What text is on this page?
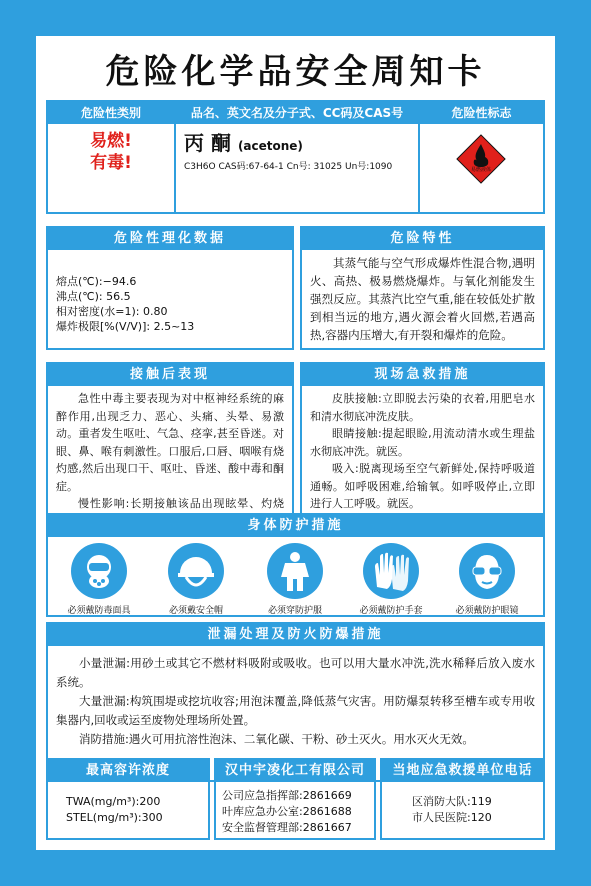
危险化学品安全周知卡
危险性类别	品名、英文名及分子式、CC码及CAS号	危险性标志
易燃!
有毒!
丙 酮 (acetone)
C3H6O CAS码:67-64-1 Cn号: 31025 Un号:1090	易燃液体
危险性理化数据
熔点(℃):−94.6
沸点(℃): 56.5
相对密度(水=1): 0.80
爆炸极限[%(V/V)]: 2.5~13
危险特性

其蒸气能与空气形成爆炸性混合物,遇明火、高热、极易燃烧爆炸。与氧化剂能发生强烈反应。其蒸汽比空气重,能在较低处扩散到相当远的地方,遇火源会着火回燃,若遇高热,容器内压增大,有开裂和爆炸的危险。

接触后表现

急性中毒主要表现为对中枢神经系统的麻醉作用,出现乏力、恶心、头痛、头晕、易激动。重者发生呕吐、气急、痉挛,甚至昏迷。对眼、鼻、喉有刺激性。口服后,口唇、咽喉有烧灼感,然后出现口干、呕吐、昏迷、酸中毒和酮症。

慢性影响:长期接触该品出现眩晕、灼烧

现场急救措施

皮肤接触:立即脱去污染的衣着,用肥皂水和清水彻底冲洗皮肤。

眼睛接触:提起眼睑,用流动清水或生理盐水彻底冲洗。就医。

吸入:脱离现场至空气新鲜处,保持呼吸道通畅。如呼吸困难,给输氧。如呼吸停止,立即进行人工呼吸。就医。

身体防护措施
必须戴防毒面具	必须戴安全帽	必须穿防护服	必须戴防护手套	必须戴防护眼镜
泄漏处理及防火防爆措施

小量泄漏:用砂土或其它不燃材料吸附或吸收。也可以用大量水冲洗,洗水稀释后放入废水系统。

大量泄漏:构筑围堤或挖坑收容;用泡沫覆盖,降低蒸气灾害。用防爆泵转移至槽车或专用收集器内,回收或运至废物处理场所处置。

消防措施:遇火可用抗溶性泡沫、二氧化碳、干粉、砂土灭火。用水灭火无效。

最高容许浓度
TWA(mg/m³):200
STEL(mg/m³):300
汉中宇凌化工有限公司
公司应急指挥部:2861669
叶库应急办公室:2861688
安全监督管理部:2861667
当地应急救援单位电话
区消防大队:119
市人民医院:120
